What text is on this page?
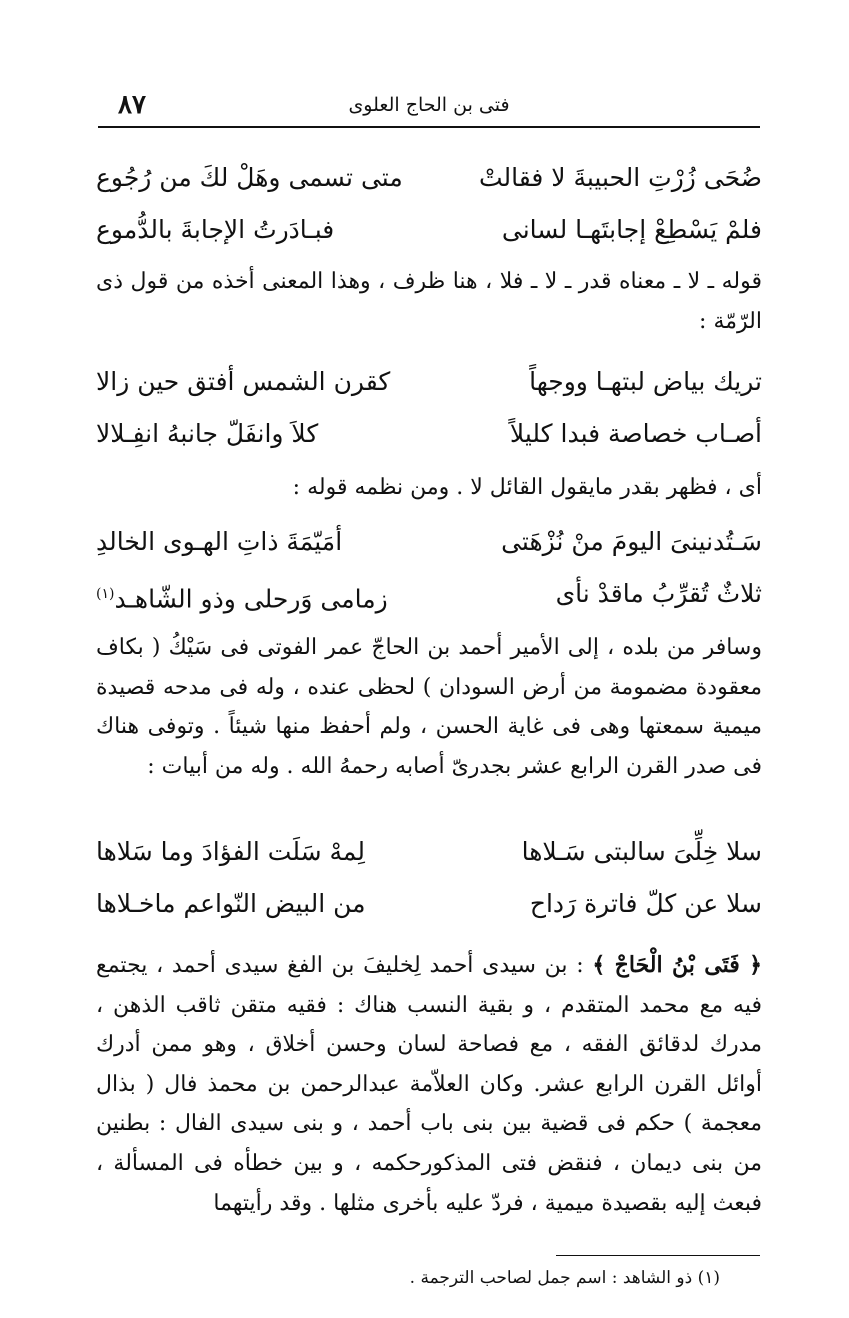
٨٧	فتى بن الحاج العلوى
ضُحَى زُرْتِ الحبيبةَ لا فقالتْ
متى تسمى وهَلْ لكَ من رُجُوع
فلمْ يَسْطِعْ إجابتَهـا لسانى
فبـادَرتُ الإجابةَ بالدُّموع

قوله ـ لا ـ معناه قدر ـ لا ـ فلا ، هنا ظرف ، وهذا المعنى أخذه من قول ذى الرّمّة :

تريك بياض لبتهـا ووجهاً
كقرن الشمس أفتق حين زالا
أصـاب خصاصة فبدا كليلاً
كلاَ وانفَلّ جانبهُ انفِـلالا

أى ، فظهر بقدر مايقول القائل لا . ومن نظمه قوله :

سَـتُدنينىَ اليومَ منْ نُزْهَتى
أمَيّمَةَ ذاتِ الهـوى الخالدِ
ثلاثٌ تُقرِّبُ ماقدْ نأى
زمامى وَرحلى وذو الشّاهـد$^{(١)}$

وسافر من بلده ، إلى الأمير أحمد بن الحاجّ عمر الفوتى فى سَيْكُ ( بكاف معقودة مضمومة من أرض السودان ) لحظى عنده ، وله فى مدحه قصيدة ميمية سمعتها وهى فى غاية الحسن ، ولم أحفظ منها شيئاً . وتوفى هناك فى صدر القرن الرابع عشر بجدرىّ أصابه رحمهُ الله . وله من أبيات :

سلا خِلِّىَ سالبتى سَـلاها
لِمهْ سَلَت الفؤادَ وما سَلاها
سلا عن كلّ فاترة رَداح
من البيض النّواعم ماخـلاها

﴿ فَتَى بْنُ الْحَاجْ ﴾ : بن سيدى أحمد لِخليفَ بن الفغ سيدى أحمد ، يجتمع فيه مع محمد المتقدم ، و بقية النسب هناك : فقيه متقن ثاقب الذهن ، مدرك لدقائق الفقه ، مع فصاحة لسان وحسن أخلاق ، وهو ممن أدرك أوائل القرن الرابع عشر. وكان العلاّمة عبدالرحمن بن محمذ فال ( بذال معجمة ) حكم فى قضية بين بنى باب أحمد ، و بنى سيدى الفال : بطنين من بنى ديمان ، فنقض فتى المذكورحكمه ، و بين خطأه فى المسألة ، فبعث إليه بقصيدة ميمية ، فردّ عليه بأخرى مثلها . وقد رأيتهما

(١) ذو الشاهد : اسم جمل لصاحب الترجمة .
